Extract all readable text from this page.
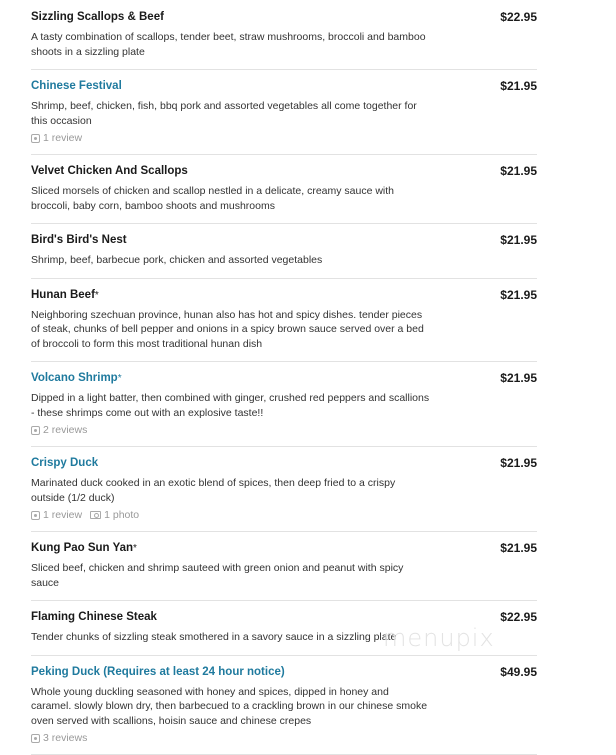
Sizzling Scallops & Beef	$22.95
A tasty combination of scallops, tender beet, straw mushrooms, broccoli and bamboo shoots in a sizzling plate
Chinese Festival	$21.95
Shrimp, beef, chicken, fish, bbq pork and assorted vegetables all come together for this occasion
1 review
Velvet Chicken And Scallops	$21.95
Sliced morsels of chicken and scallop nestled in a delicate, creamy sauce with broccoli, baby corn, bamboo shoots and mushrooms
Bird's Bird's Nest	$21.95
Shrimp, beef, barbecue pork, chicken and assorted vegetables
Hunan Beef*	$21.95
Neighboring szechuan province, hunan also has hot and spicy dishes. tender pieces of steak, chunks of bell pepper and onions in a spicy brown sauce served over a bed of broccoli to form this most traditional hunan dish
Volcano Shrimp*	$21.95
Dipped in a light batter, then combined with ginger, crushed red peppers and scallions - these shrimps come out with an explosive taste!!
2 reviews
Crispy Duck	$21.95
Marinated duck cooked in an exotic blend of spices, then deep fried to a crispy outside (1/2 duck)
1 review 1 photo
Kung Pao Sun Yan*	$21.95
Sliced beef, chicken and shrimp sauteed with green onion and peanut with spicy sauce
Flaming Chinese Steak	$22.95
Tender chunks of sizzling steak smothered in a savory sauce in a sizzling plate
Peking Duck (Requires at least 24 hour notice)	$49.95
Whole young duckling seasoned with honey and spices, dipped in honey and caramel. slowly blown dry, then barbecued to a crackling brown in our chinese smoke oven served with scallions, hoisin sauce and chinese crepes
3 reviews
menupix
